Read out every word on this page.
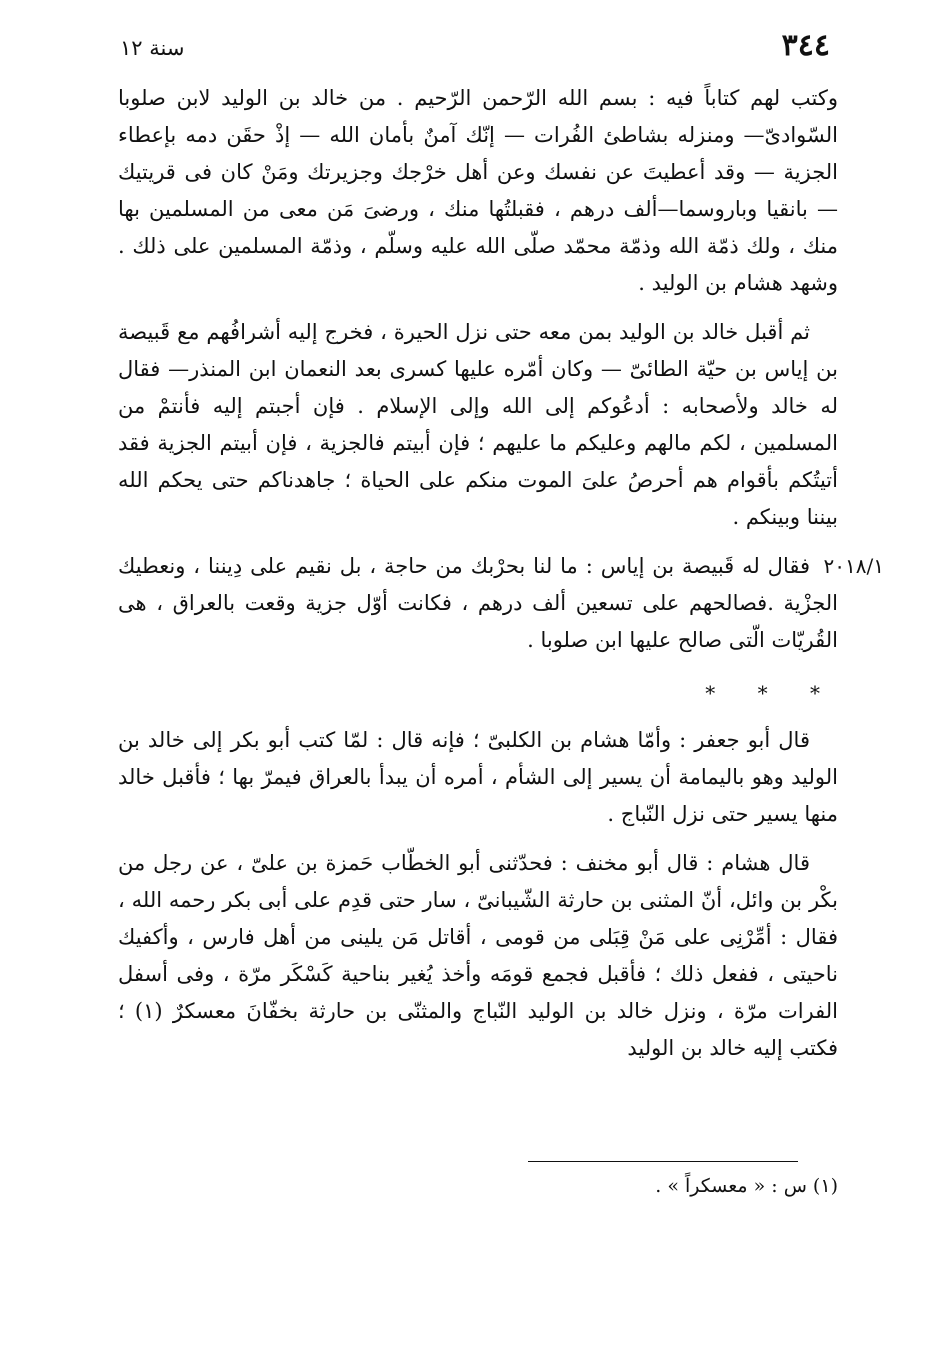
٣٤٤
سنة ١٢

وكتب لهم كتاباً فيه : بسم الله الرّحمن الرّحيم . من خالد بن الوليد لابن صلوبا السّوادىّ— ومنزله بشاطئ الفُرات — إنّك آمنٌ بأمان الله — إذْ حقَن دمه بإعطاء الجزية — وقد أعطيتَ عن نفسك وعن أهل خرْجك وجزيرتك ومَنْ كان فى قريتيك — بانقيا وباروسما—ألف درهم ، فقبلتُها منك ، ورضىَ مَن معى من المسلمين بها منك ، ولك ذمّة الله وذمّة محمّد صلّى الله عليه وسلّم ، وذمّة المسلمين على ذلك . وشهد هشام بن الوليد .

ثم أقبل خالد بن الوليد بمن معه حتى نزل الحيرة ، فخرج إليه أشرافُهم مع قَبيصة بن إياس بن حيّة الطائىّ — وكان أمّره عليها كسرى بعد النعمان ابن المنذر— فقال له خالد ولأصحابه : أدعُوكم إلى الله وإلى الإسلام . فإن أجبتم إليه فأنتمْ من المسلمين ، لكم مالهم وعليكم ما عليهم ؛ فإن أبيتم فالجزية ، فإن أبيتم الجزية فقد أتيتُكم بأقوام هم أحرصُ علىَ الموت منكم على الحياة ؛ جاهدناكم حتى يحكم الله بيننا وبينكم .

٢٠١٨/١
فقال له قَبيصة بن إياس : ما لنا بحرْبك من حاجة ، بل نقيم على دِيننا ، ونعطيك الجزْية .فصالحهم على تسعين ألف درهم ، فكانت أوّل جزية وقعت بالعراق ، هى القُريّات الّتى صالح عليها ابن صلوبا .
* * *

قال أبو جعفر : وأمّا هشام بن الكلبىّ ؛ فإنه قال : لمّا كتب أبو بكر إلى خالد بن الوليد وهو باليمامة أن يسير إلى الشأم ، أمره أن يبدأ بالعراق فيمرّ بها ؛ فأقبل خالد منها يسير حتى نزل النّباج .

قال هشام : قال أبو مخنف : فحدّثنى أبو الخطّاب حَمزة بن علىّ ، عن رجل من بكْر بن وائل، أنّ المثنى بن حارثة الشّيبانىّ ، سار حتى قدِم على أبى بكر رحمه الله ، فقال : أمِّرْنِى على مَنْ قِبَلى من قومى ، أقاتل مَن يلينى من أهل فارس ، وأكفيك ناحيتى ، ففعل ذلك ؛ فأقبل فجمع قومَه وأخذ يُغير بناحية كَسْكَر مرّة ، وفى أسفل الفرات مرّة ، ونزل خالد بن الوليد النّباج والمثنّى بن حارثة بخفّانَ معسكرٌ (١) ؛ فكتب إليه خالد بن الوليد

(١) س : « معسكراً » .
